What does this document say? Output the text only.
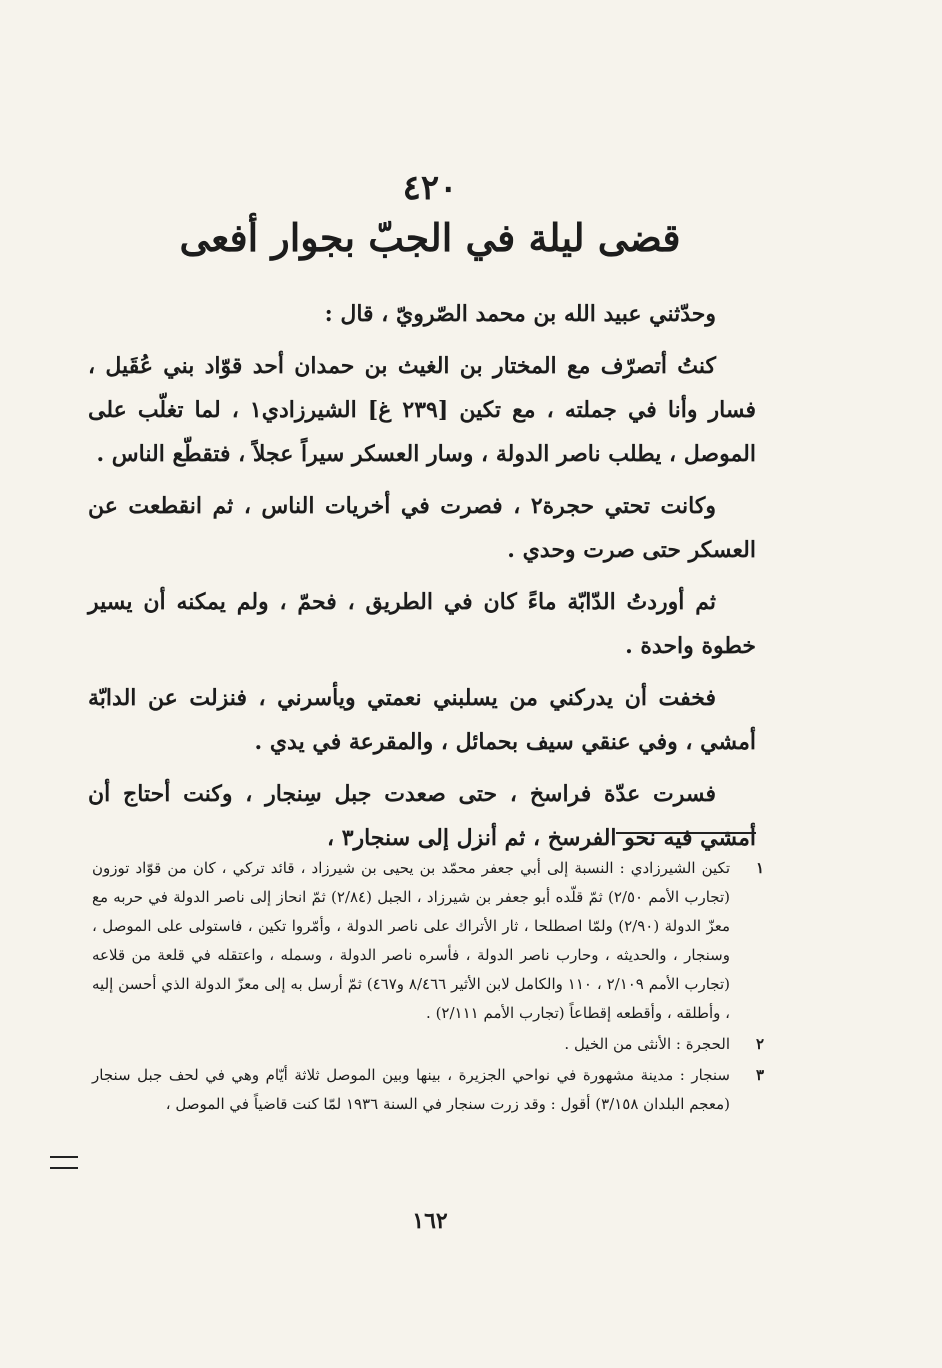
٤٢٠
قضى ليلة في الجبّ بجوار أفعى

وحدّثني عبيد الله بن محمد الصّرويّ ، قال :

كنتُ أتصرّف مع المختار بن الغيث بن حمدان أحد قوّاد بني عُقَيل ، فسار وأنا في جملته ، مع تكين [٢٣٩ غ] الشيرزادي١ ، لما تغلّب على الموصل ، يطلب ناصر الدولة ، وسار العسكر سيراً عجلاً ، فتقطّع الناس .

وكانت تحتي حجرة٢ ، فصرت في أخريات الناس ، ثم انقطعت عن العسكر حتى صرت وحدي .

ثم أوردتُ الدّابّة ماءً كان في الطريق ، فحمّ ، ولم يمكنه أن يسير خطوة واحدة .

فخفت أن يدركني من يسلبني نعمتي ويأسرني ، فنزلت عن الدابّة أمشي ، وفي عنقي سيف بحمائل ، والمقرعة في يدي .

فسرت عدّة فراسخ ، حتى صعدت جبل سِنجار ، وكنت أحتاج أن أمشي فيه نحو الفرسخ ، ثم أنزل إلى سنجار٣ ،

١
تكين الشيرزادي : النسبة إلى أبي جعفر محمّد بن يحيى بن شيرزاد ، قائد تركي ، كان من قوّاد توزون (تجارب الأمم ٢/٥٠) ثمّ قلّده أبو جعفر بن شيرزاد ، الجبل (٢/٨٤) ثمّ انحاز إلى ناصر الدولة في حربه مع معزّ الدولة (٢/٩٠) ولمّا اصطلحا ، ثار الأتراك على ناصر الدولة ، وأمّروا تكين ، فاستولى على الموصل ، وسنجار ، والحديثه ، وحارب ناصر الدولة ، فأسره ناصر الدولة ، وسمله ، واعتقله في قلعة من قلاعه (تجارب الأمم ٢/١٠٩ ، ١١٠ والكامل لابن الأثير ٨/٤٦٦ و٤٦٧) ثمّ أرسل به إلى معزّ الدولة الذي أحسن إليه ، وأطلقه ، وأقطعه إقطاعاً (تجارب الأمم ٢/١١١) .
٢
الحجرة : الأنثى من الخيل .
٣
سنجار : مدينة مشهورة في نواحي الجزيرة ، بينها وبين الموصل ثلاثة أيّام وهي في لحف جبل سنجار (معجم البلدان ٣/١٥٨) أقول : وقد زرت سنجار في السنة ١٩٣٦ لمّا كنت قاضياً في الموصل ،
١٦٢
